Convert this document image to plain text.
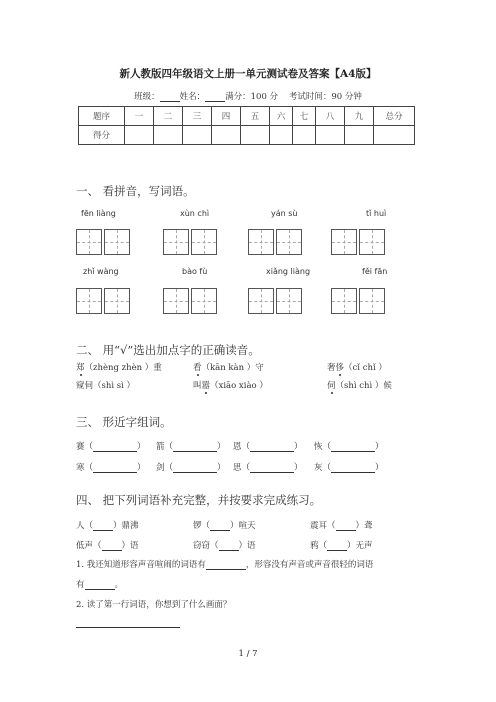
新人教版四年级语文上册一单元测试卷及答案【A4版】
班级： 姓名： 满分：100 分 考试时间：90 分钟
题序	一	二	三	四	五	六	七	八	九	总分
得分										
一、 看拼音，写词语。
fēn liàng	xùn chì	yán sù	tǐ huì
zhǐ wàng	bào fù	xiǎng liàng	fěi fān
二、 用“√”选出加点字的正确读音。
郑（zhèng zhèn ）重	看（kān kàn ）守	奢侈（cǐ chǐ ）
窥伺（shì sì ）	叫嚣（xiāo xiào ）	伺（shì chì ）候
三、 形近字组词。
赛（	） 箭（	） 恩（	） 恢（	）
寒（	） 剑（	） 思（	） 灰（	）
四、 把下列词语补充完整，并按要求完成练习。
人（ ）鼎沸	锣（ ）喧天	震耳（ ）聋
低声（ ）语	窃窃（ ）语	鸦（ ）无声
1. 我还知道形容声音喧闹的词语有	，形容没有声音或声音很轻的词语
有	。
2. 读了第一行词语，你想到了什么画面？
1 / 7
